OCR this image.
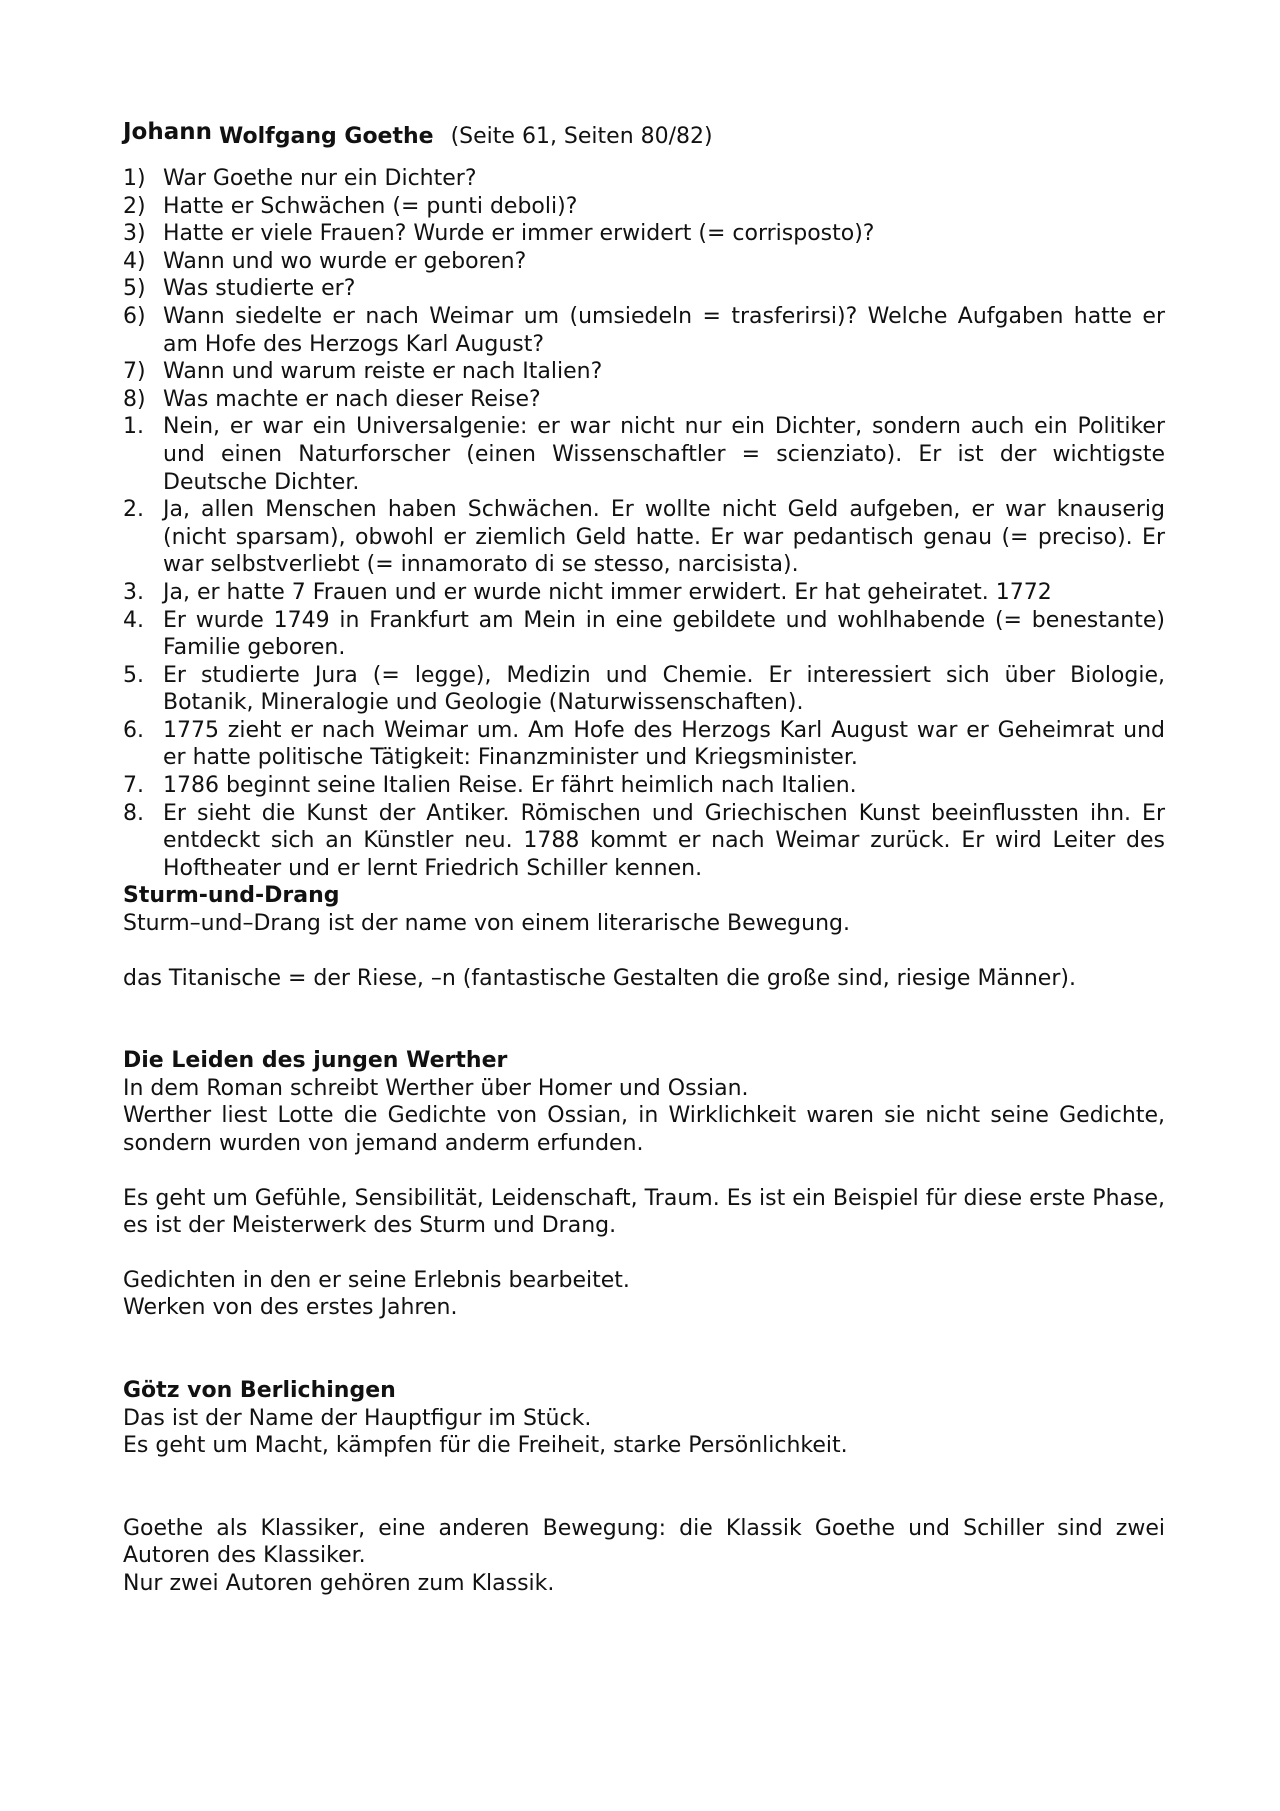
Johann Wolfgang Goethe (Seite 61, Seiten 80/82)
1) War Goethe nur ein Dichter?
2) Hatte er Schwächen (= punti deboli)?
3) Hatte er viele Frauen? Wurde er immer erwidert (= corrisposto)?
4) Wann und wo wurde er geboren?
5) Was studierte er?
6) Wann siedelte er nach Weimar um (umsiedeln = trasferirsi)? Welche Aufgaben hatte er am Hofe des Herzogs Karl August?
7) Wann und warum reiste er nach Italien?
8) Was machte er nach dieser Reise?
1. Nein, er war ein Universalgenie: er war nicht nur ein Dichter, sondern auch ein Politiker und einen Naturforscher (einen Wissenschaftler = scienziato). Er ist der wichtigste Deutsche Dichter.
2. Ja, allen Menschen haben Schwächen. Er wollte nicht Geld aufgeben, er war knauserig (nicht sparsam), obwohl er ziemlich Geld hatte. Er war pedantisch genau (= preciso). Er war selbstverliebt (= innamorato di se stesso, narcisista).
3. Ja, er hatte 7 Frauen und er wurde nicht immer erwidert. Er hat geheiratet. 1772
4. Er wurde 1749 in Frankfurt am Mein in eine gebildete und wohlhabende (= benestante) Familie geboren.
5. Er studierte Jura (= legge), Medizin und Chemie. Er interessiert sich über Biologie, Botanik, Mineralogie und Geologie (Naturwissenschaften).
6. 1775 zieht er nach Weimar um. Am Hofe des Herzogs Karl August war er Geheimrat und er hatte politische Tätigkeit: Finanzminister und Kriegsminister.
7. 1786 beginnt seine Italien Reise. Er fährt heimlich nach Italien.
8. Er sieht die Kunst der Antiker. Römischen und Griechischen Kunst beeinflussten ihn. Er entdeckt sich an Künstler neu. 1788 kommt er nach Weimar zurück. Er wird Leiter des Hoftheater und er lernt Friedrich Schiller kennen.
Sturm-und-Drang

Sturm–und–Drang ist der name von einem literarische Bewegung.

das Titanische = der Riese, –n (fantastische Gestalten die große sind, riesige Männer).

Die Leiden des jungen Werther

In dem Roman schreibt Werther über Homer und Ossian.

Werther liest Lotte die Gedichte von Ossian, in Wirklichkeit waren sie nicht seine Gedichte, sondern wurden von jemand anderm erfunden.

Es geht um Gefühle, Sensibilität, Leidenschaft, Traum. Es ist ein Beispiel für diese erste Phase, es ist der Meisterwerk des Sturm und Drang.

Gedichten in den er seine Erlebnis bearbeitet.

Werken von des erstes Jahren.

Götz von Berlichingen

Das ist der Name der Hauptfigur im Stück.

Es geht um Macht, kämpfen für die Freiheit, starke Persönlichkeit.

Goethe als Klassiker, eine anderen Bewegung: die Klassik Goethe und Schiller sind zwei Autoren des Klassiker.

Nur zwei Autoren gehören zum Klassik.
